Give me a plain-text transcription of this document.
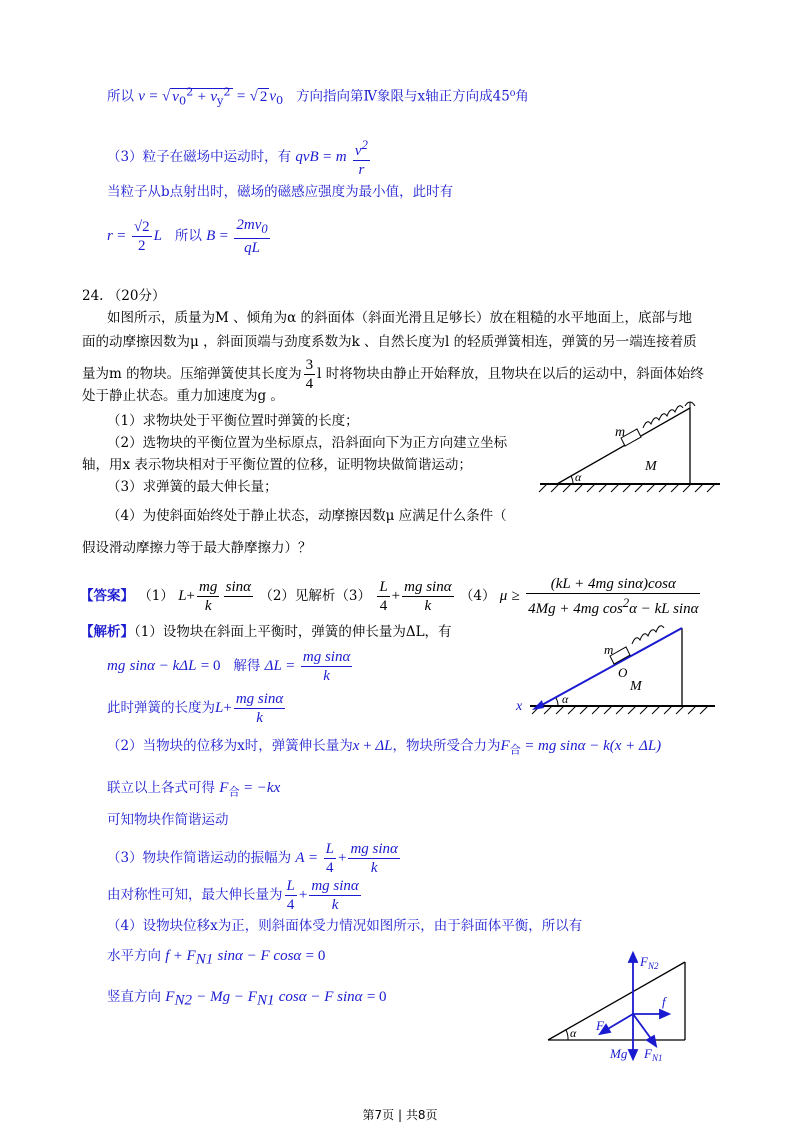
所以 v = √ $v_0^2 + v_y^2$ = √ 2 $v_0$ 方向指向第Ⅳ象限与x轴正方向成45⁰角
（3）粒子在磁场中运动时，有 qvB = m $\frac{v^2}{r}$
当粒子从b点射出时，磁场的磁感应强度为最小值，此时有
$r = \frac{√2}{2}$ L 所以 $B = \frac{2mv_0}{qL}$
24. （20分）
如图所示，质量为M 、倾角为α 的斜面体（斜面光滑且足够长）放在粗糙的水平地面上，底部与地
面的动摩擦因数为μ ，斜面顶端与劲度系数为k 、自然长度为l 的轻质弹簧相连，弹簧的另一端连接着质
量为m 的物块。压缩弹簧使其长度为 $\frac{3}{4}$ l 时将物块由静止开始释放，且物块在以后的运动中，斜面体始终
处于静止状态。重力加速度为g 。
（1）求物块处于平衡位置时弹簧的长度；
（2）选物块的平衡位置为坐标原点，沿斜面向下为正方向建立坐标
轴，用x 表示物块相对于平衡位置的位移，证明物块做简谐运动；
（3）求弹簧的最大伸长量；
（4）为使斜面始终处于静止状态，动摩擦因数μ 应满足什么条件（
假设滑动摩擦力等于最大静摩擦力）？
m
M
α
【答案】 （1） $L+ \frac{mg}{k}$
sinα

（2）见解析$(3) \frac{L}{4} + \frac{\text{mg sinα}}{k} (4) \mu \ge \frac{\text{(kL + 4mg sinα)cosα}}{4Mg + 4mg \cos^2\alpha - kL \sin\alpha}$
【解析】（1）设物块在斜面上平衡时，弹簧的伸长量为ΔL，有
mg sinα − kΔL = 0 解得 $\Delta L = \frac{\text{mg sinα}}{k}$
此时弹簧的长度为$L+ \frac{\text{mg sinα}}{k}$
m
O
M
x	α
（2）当物块的位移为x时，弹簧伸长量为x + ΔL，物块所受合力为$F_合$ = mg sinα − k(x + ΔL)
联立以上各式可得 $F_合 = -kx$
可知物块作简谐运动
（3）物块作简谐运动的振幅为 $A = \frac{L}{4} + \frac{\text{mg sinα}}{k}$
由对称性可知，最大伸长量为 $\frac{L}{4} + \frac{\text{mg sinα}}{k}$
（4）设物块位移x为正，则斜面体受力情况如图所示，由于斜面体平衡，所以有
水平方向 $f + F_{N1}$ sinα − F cosα = 0
竖直方向 $F_{N2} - Mg - F_{N1}$ cosα − F sinα = 0
$F_{N2}$
f
F
Mg $F_{N1}$
α
第7页 | 共8页
